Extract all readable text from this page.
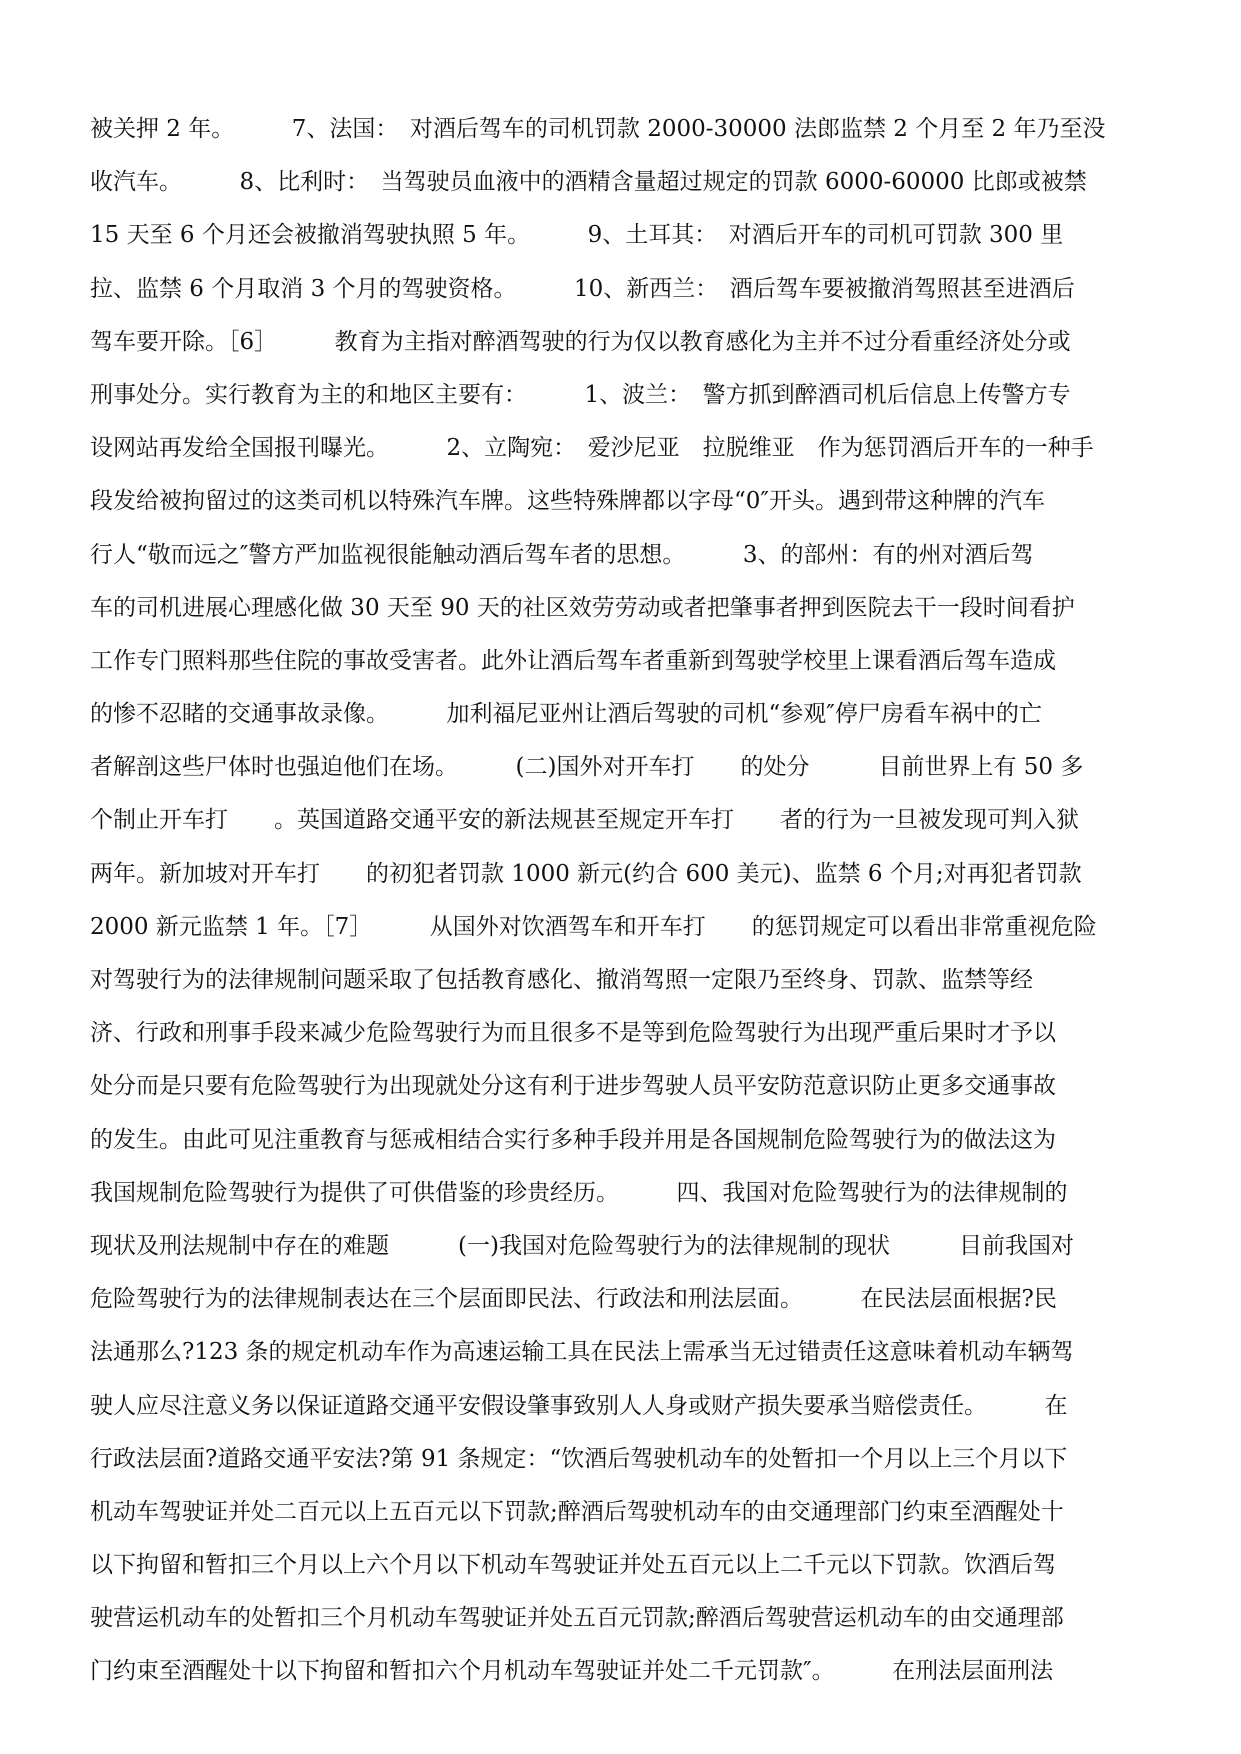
被关押 2 年。　　　7、法国：　对酒后驾车的司机罚款 2000-30000 法郎监禁 2 个月至 2 年乃至没
收汽车。　　　8、比利时：　当驾驶员血液中的酒精含量超过规定的罚款 6000-60000 比郎或被禁
15 天至 6 个月还会被撤消驾驶执照 5 年。　　　9、土耳其：　对酒后开车的司机可罚款 300 里
拉、监禁 6 个月取消 3 个月的驾驶资格。　　　10、新西兰：　酒后驾车要被撤消驾照甚至进酒后
驾车要开除。［6］　　　教育为主指对醉酒驾驶的行为仅以教育感化为主并不过分看重经济处分或
刑事处分。实行教育为主的和地区主要有：　　　1、波兰：　警方抓到醉酒司机后信息上传警方专
设网站再发给全国报刊曝光。　　　2、立陶宛：　爱沙尼亚　拉脱维亚　作为惩罚酒后开车的一种手
段发给被拘留过的这类司机以特殊汽车牌。这些特殊牌都以字母“0″开头。遇到带这种牌的汽车
行人“敬而远之″警方严加监视很能触动酒后驾车者的思想。　　　3、的部州：有的州对酒后驾
车的司机进展心理感化做 30 天至 90 天的社区效劳劳动或者把肇事者押到医院去干一段时间看护
工作专门照料那些住院的事故受害者。此外让酒后驾车者重新到驾驶学校里上课看酒后驾车造成
的惨不忍睹的交通事故录像。　　　加利福尼亚州让酒后驾驶的司机“参观″停尸房看车祸中的亡
者解剖这些尸体时也强迫他们在场。　　　(二)国外对开车打　　的处分　　　目前世界上有 50 多
个制止开车打　　。英国道路交通平安的新法规甚至规定开车打　　者的行为一旦被发现可判入狱
两年。新加坡对开车打　　的初犯者罚款 1000 新元(约合 600 美元)、监禁 6 个月;对再犯者罚款
2000 新元监禁 1 年。［7］　　　从国外对饮酒驾车和开车打　　的惩罚规定可以看出非常重视危险
对驾驶行为的法律规制问题采取了包括教育感化、撤消驾照一定限乃至终身、罚款、监禁等经
济、行政和刑事手段来减少危险驾驶行为而且很多不是等到危险驾驶行为出现严重后果时才予以
处分而是只要有危险驾驶行为出现就处分这有利于进步驾驶人员平安防范意识防止更多交通事故
的发生。由此可见注重教育与惩戒相结合实行多种手段并用是各国规制危险驾驶行为的做法这为
我国规制危险驾驶行为提供了可供借鉴的珍贵经历。　　　四、我国对危险驾驶行为的法律规制的
现状及刑法规制中存在的难题　　　(一)我国对危险驾驶行为的法律规制的现状　　　目前我国对
危险驾驶行为的法律规制表达在三个层面即民法、行政法和刑法层面。　　　在民法层面根据?民
法通那么?123 条的规定机动车作为高速运输工具在民法上需承当无过错责任这意味着机动车辆驾
驶人应尽注意义务以保证道路交通平安假设肇事致别人人身或财产损失要承当赔偿责任。　　　在
行政法层面?道路交通平安法?第 91 条规定：“饮酒后驾驶机动车的处暂扣一个月以上三个月以下
机动车驾驶证并处二百元以上五百元以下罚款;醉酒后驾驶机动车的由交通理部门约束至酒醒处十
以下拘留和暂扣三个月以上六个月以下机动车驾驶证并处五百元以上二千元以下罚款。饮酒后驾
驶营运机动车的处暂扣三个月机动车驾驶证并处五百元罚款;醉酒后驾驶营运机动车的由交通理部
门约束至酒醒处十以下拘留和暂扣六个月机动车驾驶证并处二千元罚款″。　　　在刑法层面刑法
